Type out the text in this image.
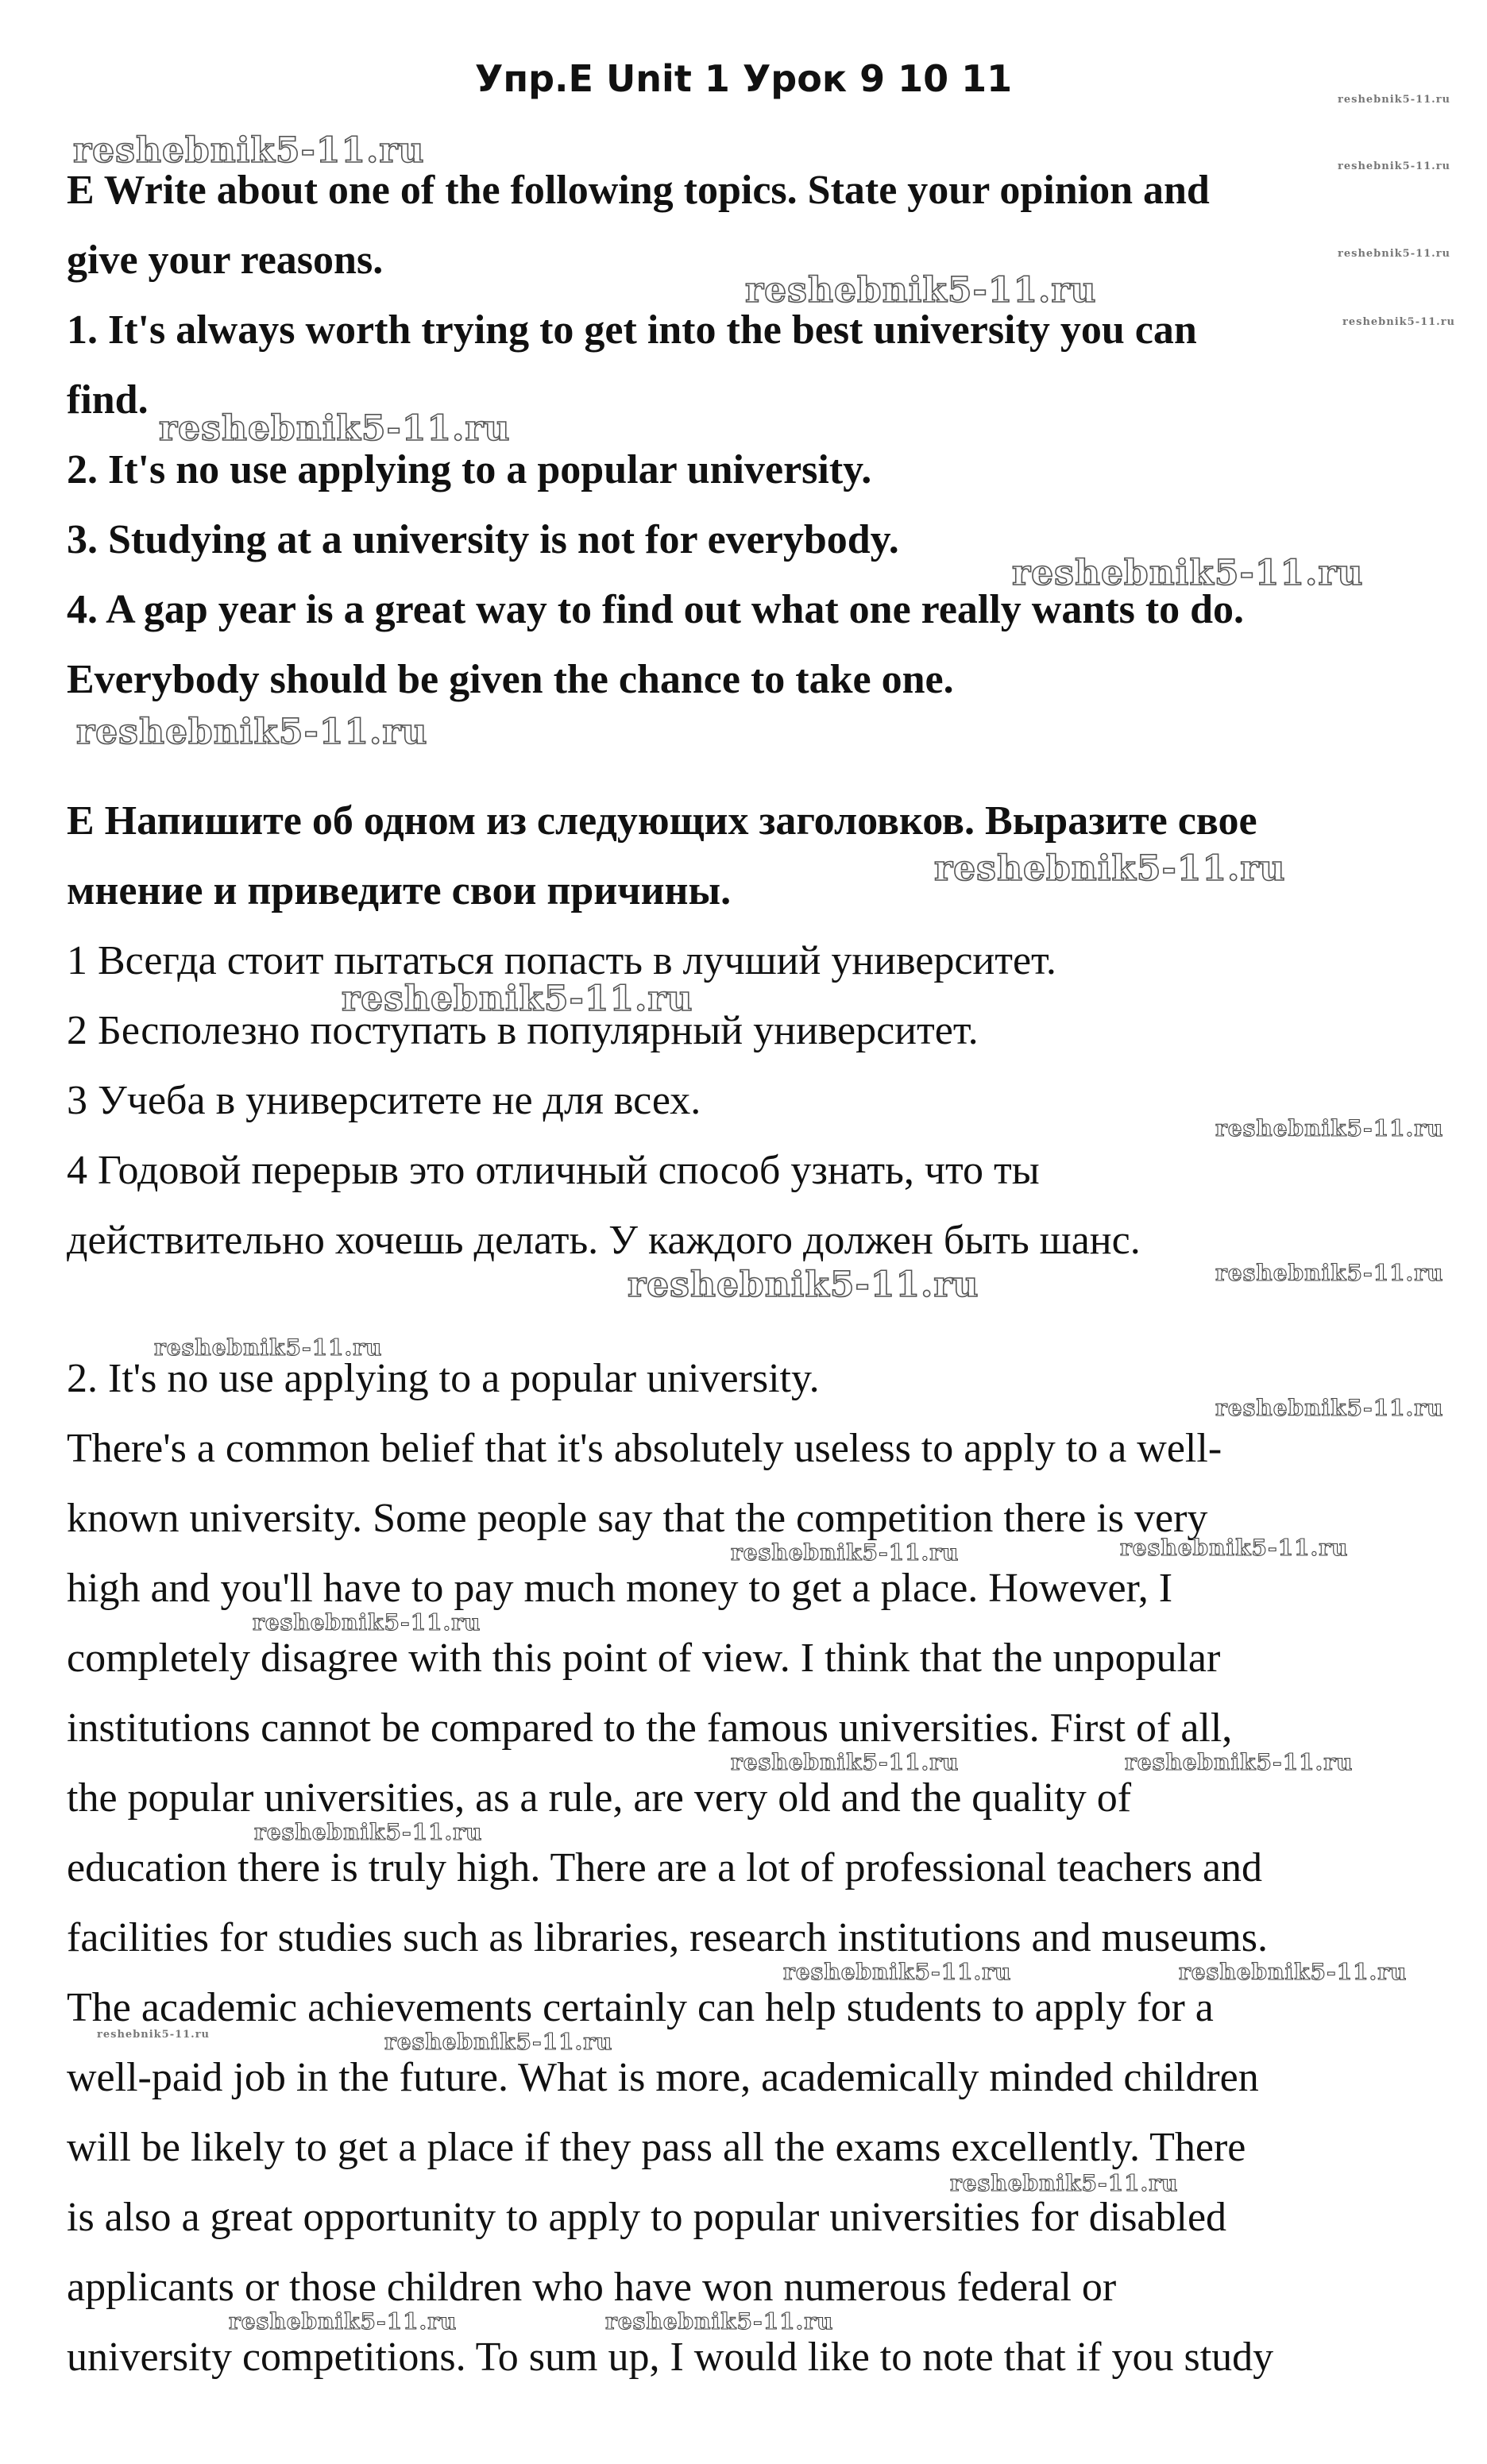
Упр.E Unit 1 Урок 9 10 11
E Write about one of the following topics. State your opinion and
give your reasons.
1. It's always worth trying to get into the best university you can
find.
2. It's no use applying to a popular university.
3. Studying at a university is not for everybody.
4. A gap year is a great way to find out what one really wants to do.
Everybody should be given the chance to take one.
E Напишите об одном из следующих заголовков. Выразите свое
мнение и приведите свои причины.
1 Всегда стоит пытаться попасть в лучший университет.
2 Бесполезно поступать в популярный университет.
3 Учеба в университете не для всех.
4 Годовой перерыв это отличный способ узнать, что ты
действительно хочешь делать. У каждого должен быть шанс.
2. It's no use applying to a popular university.
There's a common belief that it's absolutely useless to apply to a well-
known university. Some people say that the competition there is very
high and you'll have to pay much money to get a place. However, I
completely disagree with this point of view. I think that the unpopular
institutions cannot be compared to the famous universities. First of all,
the popular universities, as a rule, are very old and the quality of
education there is truly high. There are a lot of professional teachers and
facilities for studies such as libraries, research institutions and museums.
The academic achievements certainly can help students to apply for a
well-paid job in the future. What is more, academically minded children
will be likely to get a place if they pass all the exams excellently. There
is also a great opportunity to apply to popular universities for disabled
applicants or those children who have won numerous federal or
university competitions. To sum up, I would like to note that if you study
reshebnik5-11.ru
reshebnik5-11.ru
reshebnik5-11.ru
reshebnik5-11.ru
reshebnik5-11.ru
reshebnik5-11.ru
reshebnik5-11.ru
reshebnik5-11.ru
reshebnik5-11.ru
reshebnik5-11.ru
reshebnik5-11.ru
reshebnik5-11.ru
reshebnik5-11.ru	reshebnik5-11.ru
reshebnik5-11.ru
reshebnik5-11.ru
reshebnik5-11.ru	reshebnik5-11.ru
reshebnik5-11.ru
reshebnik5-11.ru	reshebnik5-11.ru
reshebnik5-11.ru
reshebnik5-11.ru	reshebnik5-11.ru
reshebnik5-11.ru	reshebnik5-11.ru
reshebnik5-11.ru
reshebnik5-11.ru	reshebnik5-11.ru
